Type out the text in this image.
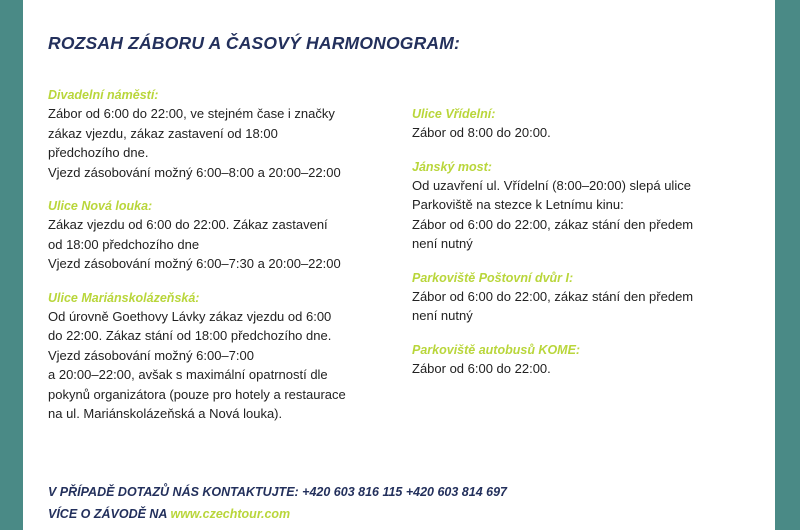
ROZSAH ZÁBORU A ČASOVÝ HARMONOGRAM:
Divadelní náměstí:
Zábor od 6:00 do 22:00, ve stejném čase i značky
zákaz vjezdu, zákaz zastavení od 18:00
předchozího dne.
Vjezd zásobování možný 6:00–8:00 a 20:00–22:00
Ulice Nová louka:
Zákaz vjezdu od 6:00 do 22:00. Zákaz zastavení
od 18:00 předchozího dne
Vjezd zásobování možný 6:00–7:30 a 20:00–22:00
Ulice Mariánskolázeňská:
Od úrovně Goethovy Lávky zákaz vjezdu od 6:00
do 22:00. Zákaz stání od 18:00 předchozího dne.
Vjezd zásobování možný 6:00–7:00
a 20:00–22:00, avšak s maximální opatrností dle
pokynů organizátora (pouze pro hotely a restaurace
na ul. Mariánskolázeňská a Nová louka).
Ulice Vřídelní:
Zábor od 8:00 do 20:00.
Jánský most:
Od uzavření ul. Vřídelní (8:00–20:00) slepá ulice
Parkoviště na stezce k Letnímu kinu:
Zábor od 6:00 do 22:00, zákaz stání den předem
není nutný
Parkoviště Poštovní dvůr I:
Zábor od 6:00 do 22:00, zákaz stání den předem
není nutný
Parkoviště autobusů KOME:
Zábor od 6:00 do 22:00.
V PŘÍPADĚ DOTAZŮ NÁS KONTAKTUJTE: +420 603 816 115 +420 603 814 697
VÍCE O ZÁVODĚ NA www.czechtour.com
